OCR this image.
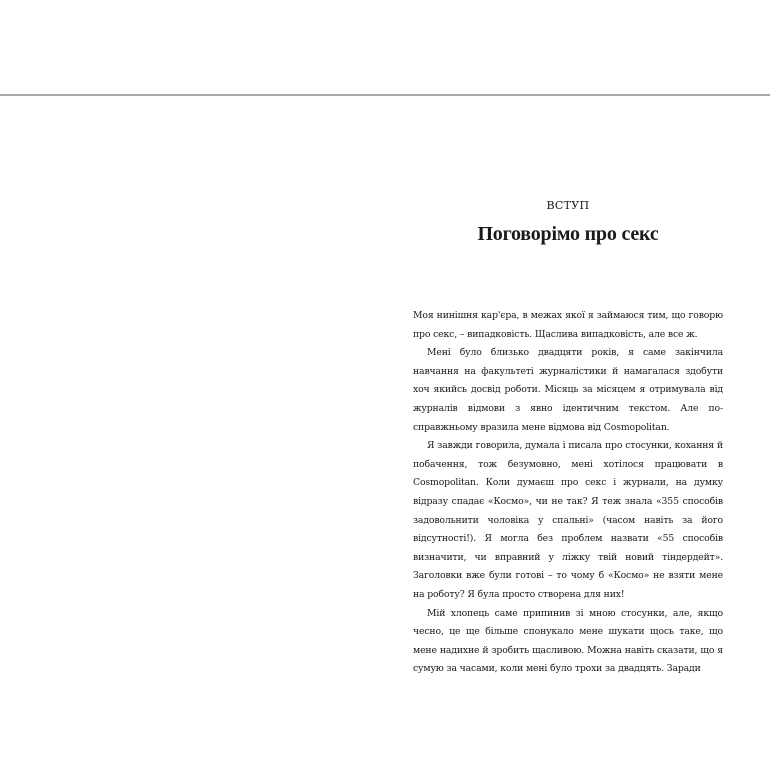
ВСТУП
Поговорімо про секс

Моя нинішня кар'єра, в межах якої я займаюся тим, що говорю про секс, – випадковість. Щаслива випадковість, але все ж.

Мені було близько двадцяти років, я саме закінчила навчання на факультеті журналістики й намагалася здобути хоч якийсь досвід роботи. Місяць за місяцем я отримувала від журналів відмови з явно ідентичним текстом. Але по-справжньому вразила мене відмова від Cosmopolitan.

Я завжди говорила, думала і писала про стосунки, кохання й побачення, тож безумовно, мені хотілося працювати в Cosmopolitan. Коли думаєш про секс і журнали, на думку відразу спадає «Космо», чи не так? Я теж знала «355 способів задовольнити чоловіка у спальні» (часом навіть за його відсутності!). Я могла без проблем назвати «55 способів визначити, чи вправний у ліжку твій новий тіндердейт». Заголовки вже були готові – то чому б «Космо» не взяти мене на роботу? Я була просто створена для них!

Мій хлопець саме припинив зі мною стосунки, але, якщо чесно, це ще більше спонукало мене шукати щось таке, що мене надихне й зробить щасливою. Можна навіть сказати, що я сумую за часами, коли мені було трохи за двадцять. Заради
